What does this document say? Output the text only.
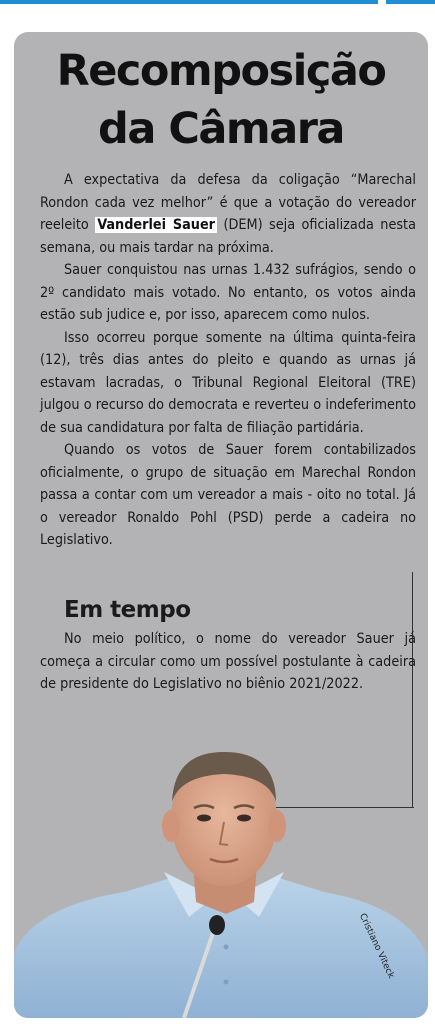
Recomposição
da Câmara

A expectativa da defesa da coligação “Marechal Rondon cada vez melhor” é que a votação do vereador reeleito Vanderlei Sauer (DEM) seja oficializada nesta semana, ou mais tardar na próxima.

Sauer conquistou nas urnas 1.432 sufrágios, sendo o 2º candidato mais votado. No entanto, os votos ainda estão sub judice e, por isso, aparecem como nulos.

Isso ocorreu porque somente na última quinta-feira (12), três dias antes do pleito e quando as urnas já estavam lacradas, o Tribunal Regional Eleitoral (TRE) julgou o recurso do democrata e reverteu o indeferimento de sua candidatura por falta de filiação partidária.

Quando os votos de Sauer forem contabilizados oficialmente, o grupo de situação em Marechal Rondon passa a contar com um vereador a mais - oito no total. Já o vereador Ronaldo Pohl (PSD) perde a cadeira no Legislativo.

Em tempo

No meio político, o nome do vereador Sauer já começa a circular como um possível postulante à cadeira de presidente do Legislativo no biênio 2021/2022.

Cristiano Viteck
